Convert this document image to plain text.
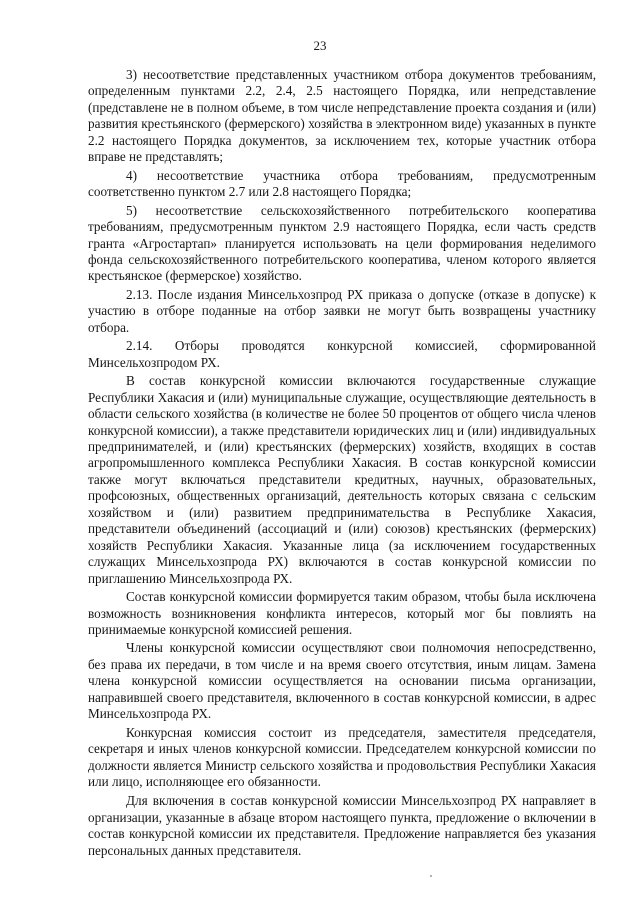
23

3) несоответствие представленных участником отбора документов требованиям, определенным пунктами 2.2, 2.4, 2.5 настоящего Порядка, или непредставление (представлене не в полном объеме, в том числе непредставление проекта создания и (или) развития крестьянского (фермерского) хозяйства в электронном виде) указанных в пункте 2.2 настоящего Порядка документов, за исключением тех, которые участник отбора вправе не представлять;

4) несоответствие участника отбора требованиям, предусмотренным соответственно пунктом 2.7 или 2.8 настоящего Порядка;

5) несоответствие сельскохозяйственного потребительского кооператива требованиям, предусмотренным пунктом 2.9 настоящего Порядка, если часть средств гранта «Агростартап» планируется использовать на цели формирования неделимого фонда сельскохозяйственного потребительского кооператива, членом которого является крестьянское (фермерское) хозяйство.

2.13. После издания Минсельхозпрод РХ приказа о допуске (отказе в допуске) к участию в отборе поданные на отбор заявки не могут быть возвращены участнику отбора.

2.14. Отборы проводятся конкурсной комиссией, сформированной Минсельхозпродом РХ.

В состав конкурсной комиссии включаются государственные служащие Республики Хакасия и (или) муниципальные служащие, осуществляющие деятельность в области сельского хозяйства (в количестве не более 50 процентов от общего числа членов конкурсной комиссии), а также представители юридических лиц и (или) индивидуальных предпринимателей, и (или) крестьянских (фермерских) хозяйств, входящих в состав агропромышленного комплекса Республики Хакасия. В состав конкурсной комиссии также могут включаться представители кредитных, научных, образовательных, профсоюзных, общественных организаций, деятельность которых связана с сельским хозяйством и (или) развитием предпринимательства в Республике Хакасия, представители объединений (ассоциаций и (или) союзов) крестьянских (фермерских) хозяйств Республики Хакасия. Указанные лица (за исключением государственных служащих Минсельхозпрода РХ) включаются в состав конкурсной комиссии по приглашению Минсельхозпрода РХ.

Состав конкурсной комиссии формируется таким образом, чтобы была исключена возможность возникновения конфликта интересов, который мог бы повлиять на принимаемые конкурсной комиссией решения.

Члены конкурсной комиссии осуществляют свои полномочия непосредственно, без права их передачи, в том числе и на время своего отсутствия, иным лицам. Замена члена конкурсной комиссии осуществляется на основании письма организации, направившей своего представителя, включенного в состав конкурсной комиссии, в адрес Минсельхозпрода РХ.

Конкурсная комиссия состоит из председателя, заместителя председателя, секретаря и иных членов конкурсной комиссии. Председателем конкурсной комиссии по должности является Министр сельского хозяйства и продовольствия Республики Хакасия или лицо, исполняющее его обязанности.

Для включения в состав конкурсной комиссии Минсельхозпрод РХ направляет в организации, указанные в абзаце втором настоящего пункта, предложение о включении в состав конкурсной комиссии их представителя. Предложение направляется без указания персональных данных представителя.
